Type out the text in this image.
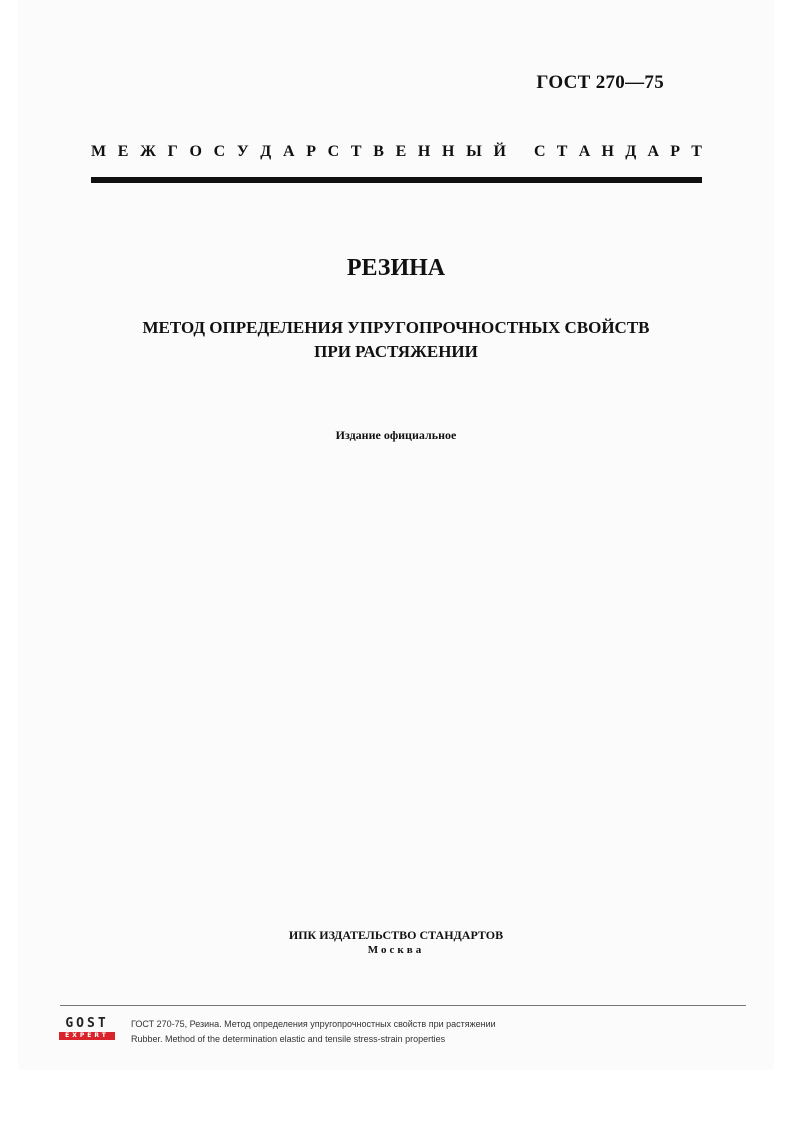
ГОСТ 270—75
М Е Ж Г О С У Д А Р С Т В Е Н Н Ы Й С Т А Н Д А Р Т
РЕЗИНА
МЕТОД ОПРЕДЕЛЕНИЯ УПРУГОПРОЧНОСТНЫХ СВОЙСТВ
ПРИ РАСТЯЖЕНИИ
Издание официальное
ИПК ИЗДАТЕЛЬСТВО СТАНДАРТОВ
Москва
GOST
EXPERT
ГОСТ 270-75, Резина. Метод определения упругопрочностных свойств при растяжении
Rubber. Method of the determination elastic and tensile stress-strain properties
